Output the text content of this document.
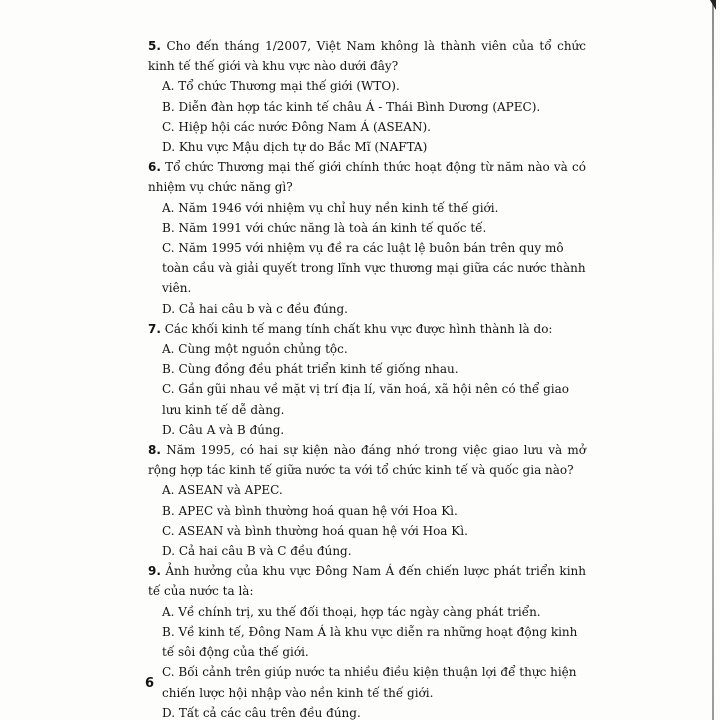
5. Cho đến tháng 1/2007, Việt Nam không là thành viên của tổ chức kinh tế thế giới và khu vực nào dưới đây?
A. Tổ chức Thương mại thế giới (WTO).
B. Diễn đàn hợp tác kinh tế châu Á - Thái Bình Dương (APEC).
C. Hiệp hội các nước Đông Nam Á (ASEAN).
D. Khu vực Mậu dịch tự do Bắc Mĩ (NAFTA)
6. Tổ chức Thương mại thế giới chính thức hoạt động từ năm nào và có nhiệm vụ chức năng gì?
A. Năm 1946 với nhiệm vụ chỉ huy nền kinh tế thế giới.
B. Năm 1991 với chức năng là toà án kinh tế quốc tế.
C. Năm 1995 với nhiệm vụ đề ra các luật lệ buôn bán trên quy mô toàn cầu và giải quyết trong lĩnh vực thương mại giữa các nước thành viên.
D. Cả hai câu b và c đều đúng.
7. Các khối kinh tế mang tính chất khu vực được hình thành là do:
A. Cùng một nguồn chủng tộc.
B. Cùng đồng đều phát triển kinh tế giống nhau.
C. Gần gũi nhau về mặt vị trí địa lí, văn hoá, xã hội nên có thể giao lưu kinh tế dễ dàng.
D. Câu A và B đúng.
8. Năm 1995, có hai sự kiện nào đáng nhớ trong việc giao lưu và mở rộng hợp tác kinh tế giữa nước ta với tổ chức kinh tế và quốc gia nào?
A. ASEAN và APEC.
B. APEC và bình thường hoá quan hệ với Hoa Kì.
C. ASEAN và bình thường hoá quan hệ với Hoa Kì.
D. Cả hai câu B và C đều đúng.
9. Ảnh hưởng của khu vực Đông Nam Á đến chiến lược phát triển kinh tế của nước ta là:
A. Về chính trị, xu thế đối thoại, hợp tác ngày càng phát triển.
B. Về kinh tế, Đông Nam Á là khu vực diễn ra những hoạt động kinh tế sôi động của thế giới.
C. Bối cảnh trên giúp nước ta nhiều điều kiện thuận lợi để thực hiện chiến lược hội nhập vào nền kinh tế thế giới.
D. Tất cả các câu trên đều đúng.
6
